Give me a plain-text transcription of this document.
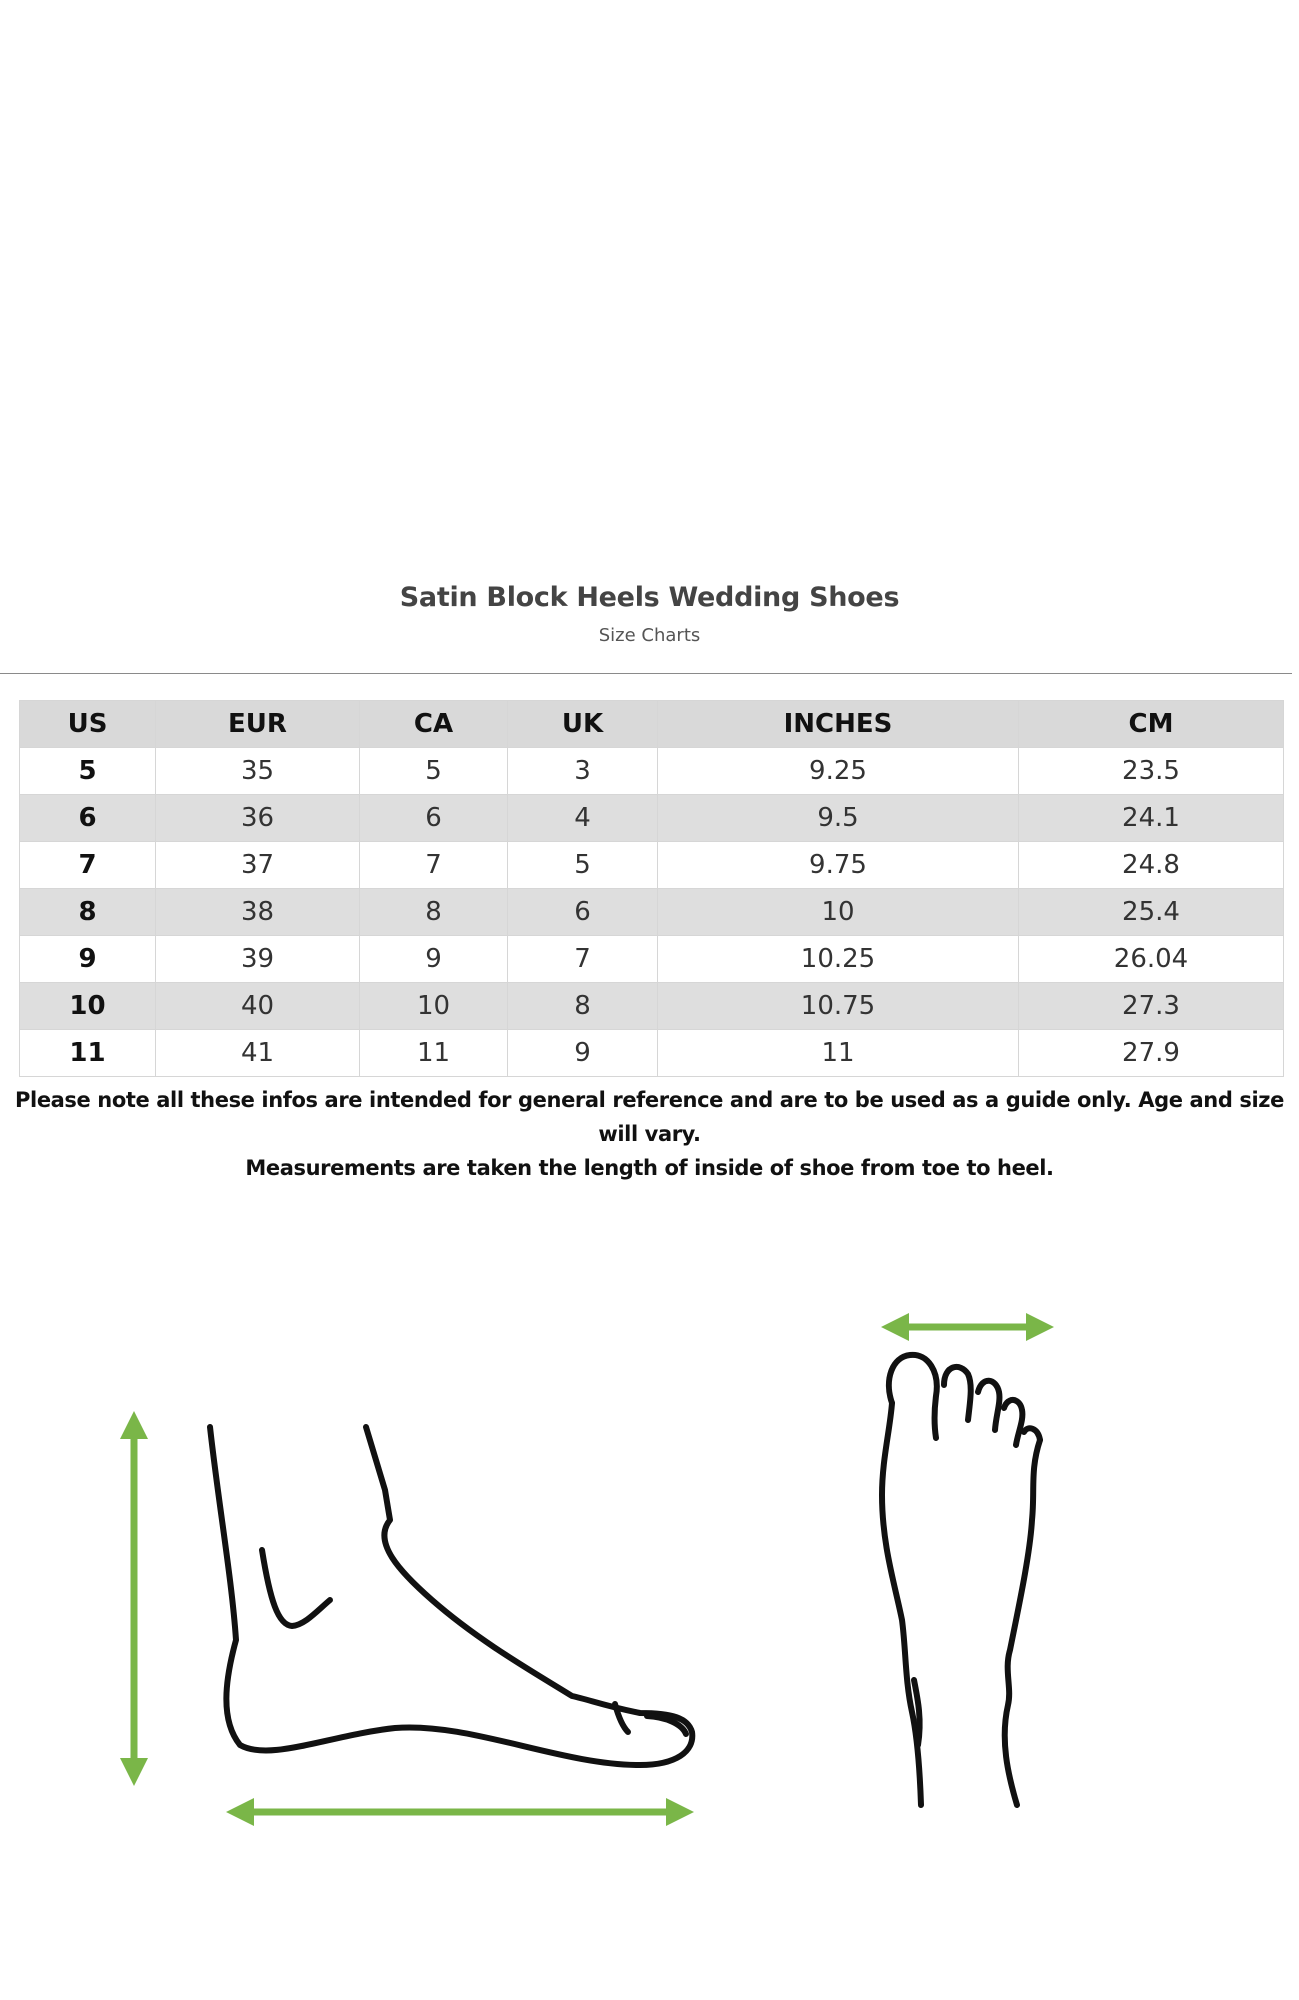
Satin Block Heels Wedding Shoes
Size Charts
US	EUR	CA	UK	INCHES	CM
5	35	5	3	9.25	23.5
6	36	6	4	9.5	24.1
7	37	7	5	9.75	24.8
8	38	8	6	10	25.4
9	39	9	7	10.25	26.04
10	40	10	8	10.75	27.3
11	41	11	9	11	27.9

Please note all these infos are intended for general reference and are to be used as a guide only. Age and size will vary.

Measurements are taken the length of inside of shoe from toe to heel.
